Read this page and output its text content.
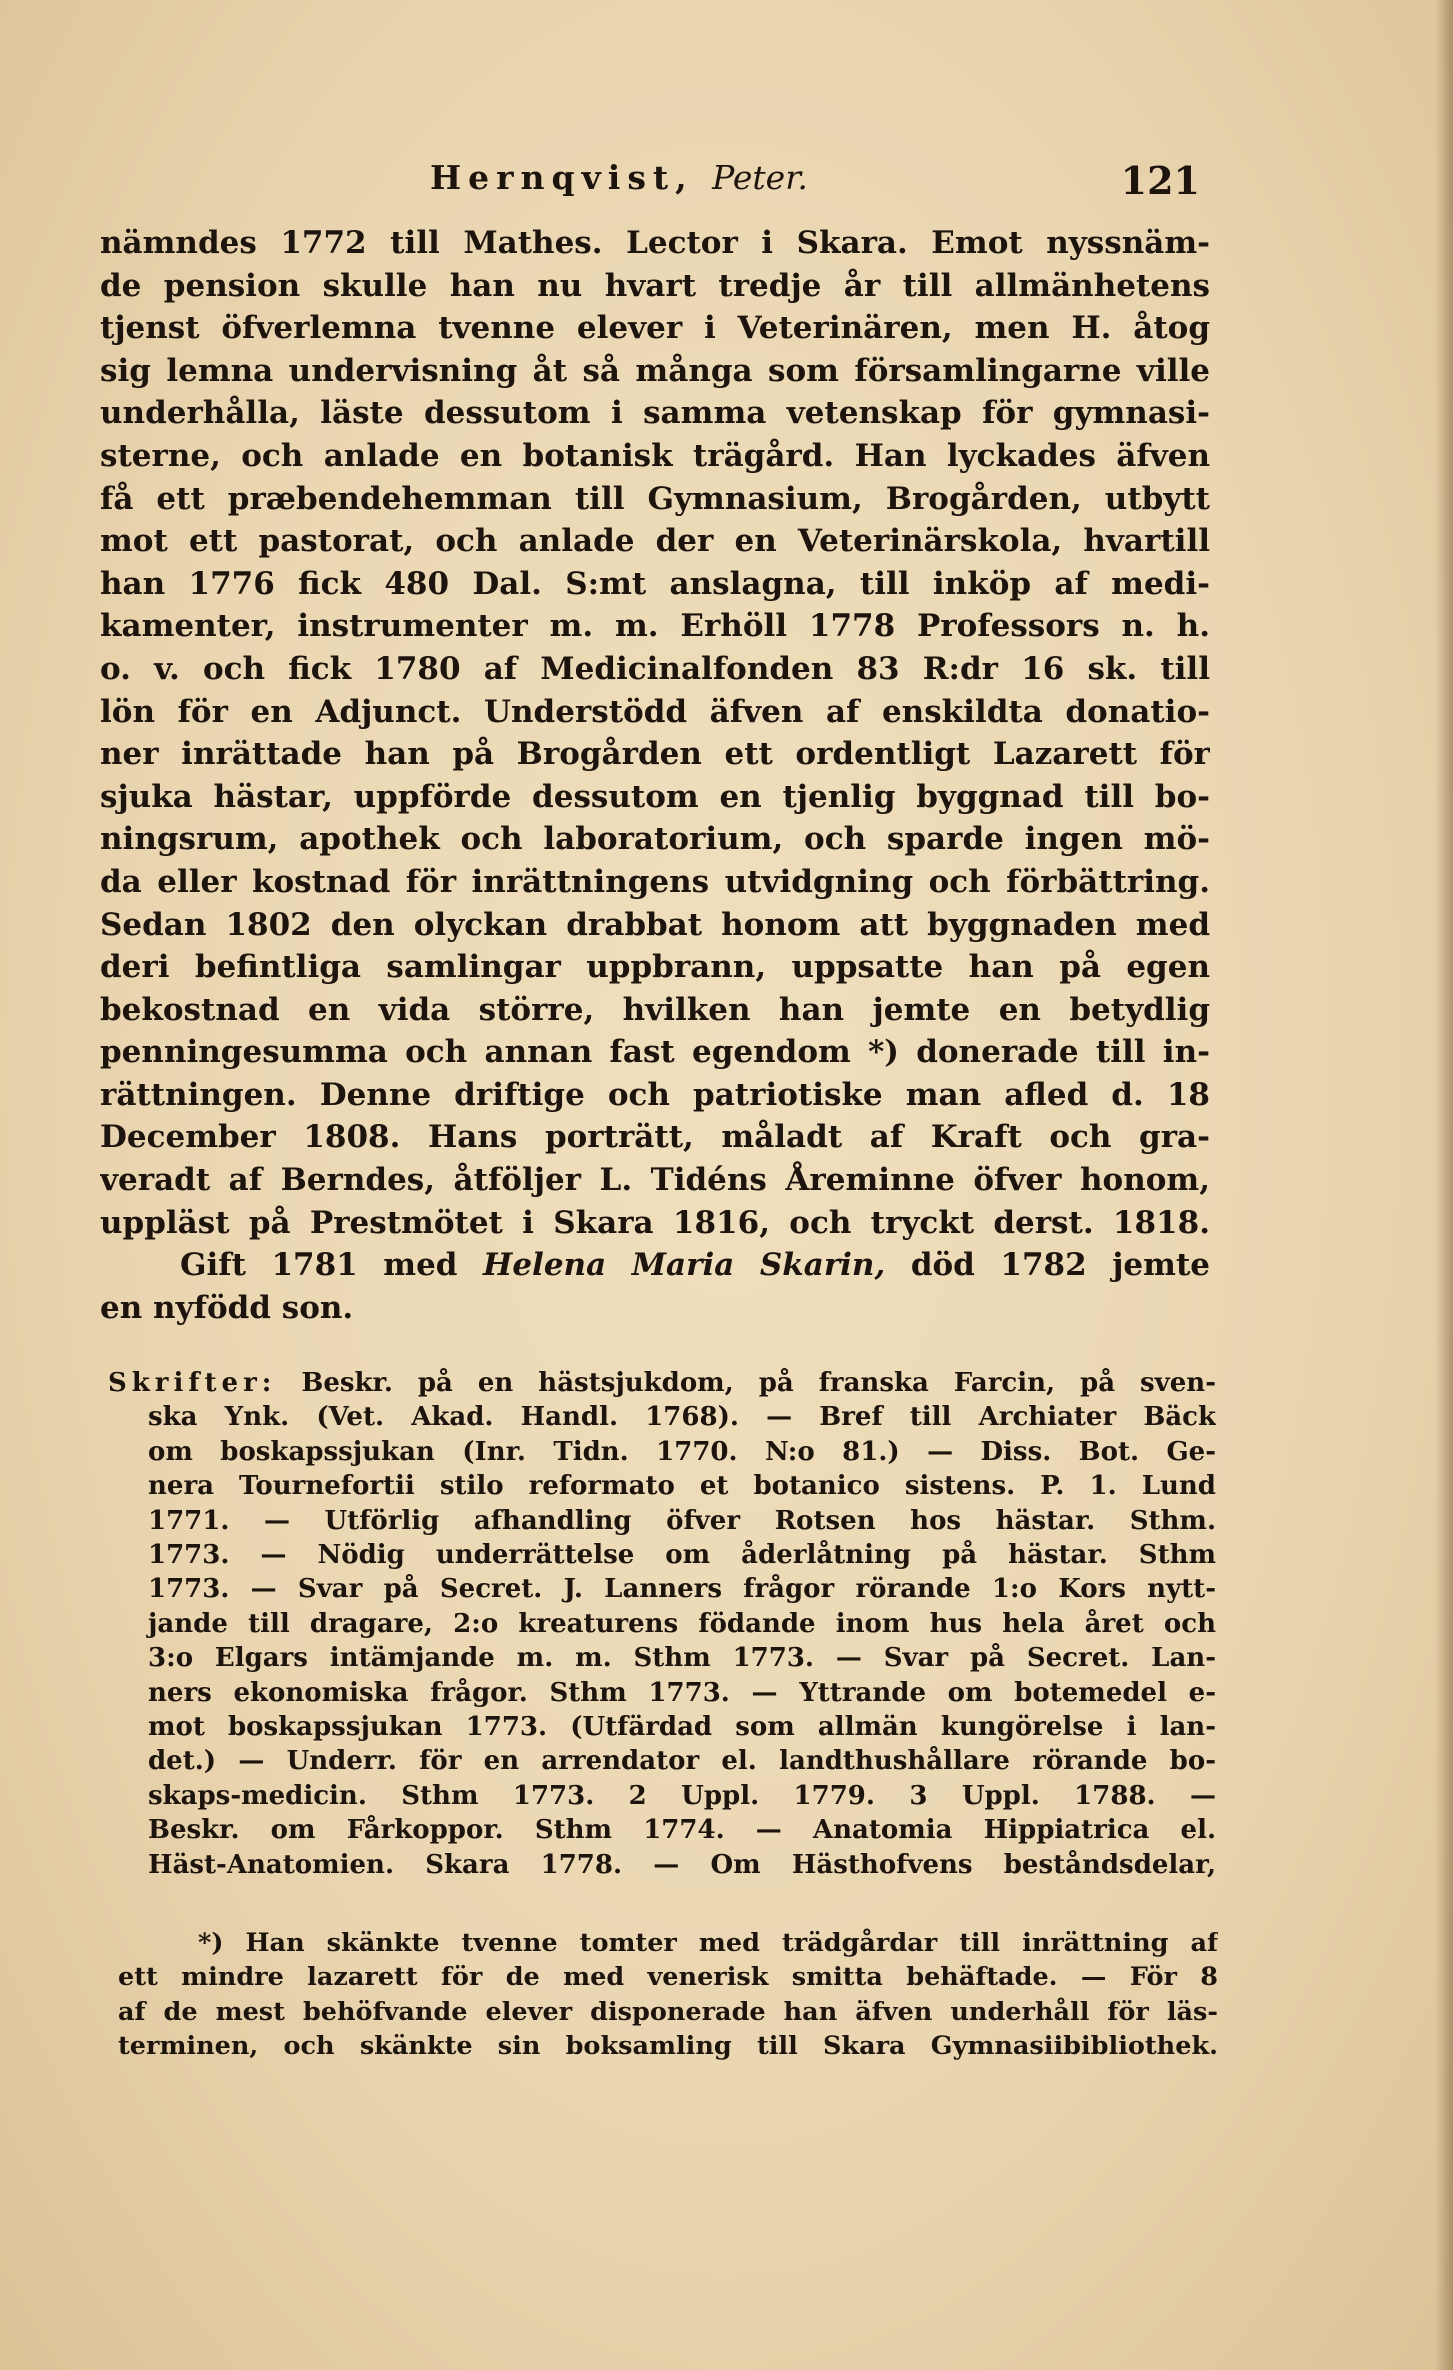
Hernqvist, Peter.	121
nämndes 1772 till Mathes. Lector i Skara. Emot nyssnäm-
de pension skulle han nu hvart tredje år till allmänhetens
tjenst öfverlemna tvenne elever i Veterinären, men H. åtog
sig lemna undervisning åt så många som församlingarne ville
underhålla, läste dessutom i samma vetenskap för gymnasi-
sterne, och anlade en botanisk trägård. Han lyckades äfven
få ett præbendehemman till Gymnasium, Brogården, utbytt
mot ett pastorat, och anlade der en Veterinärskola, hvartill
han 1776 fick 480 Dal. S:mt anslagna, till inköp af medi-
kamenter, instrumenter m. m. Erhöll 1778 Professors n. h.
o. v. och fick 1780 af Medicinalfonden 83 R:dr 16 sk. till
lön för en Adjunct. Understödd äfven af enskildta donatio-
ner inrättade han på Brogården ett ordentligt Lazarett för
sjuka hästar, uppförde dessutom en tjenlig byggnad till bo-
ningsrum, apothek och laboratorium, och sparde ingen mö-
da eller kostnad för inrättningens utvidgning och förbättring.
Sedan 1802 den olyckan drabbat honom att byggnaden med
deri befintliga samlingar uppbrann, uppsatte han på egen
bekostnad en vida större, hvilken han jemte en betydlig
penningesumma och annan fast egendom *) donerade till in-
rättningen. Denne driftige och patriotiske man afled d. 18
December 1808. Hans porträtt, måladt af Kraft och gra-
veradt af Berndes, åtföljer L. Tidéns Åreminne öfver honom,
uppläst på Prestmötet i Skara 1816, och tryckt derst. 1818.
Gift 1781 med Helena Maria Skarin, död 1782 jemte
en nyfödd son.
Skrifter: Beskr. på en hästsjukdom, på franska Farcin, på sven-
ska Ynk. (Vet. Akad. Handl. 1768). — Bref till Archiater Bäck
om boskapssjukan (Inr. Tidn. 1770. N:o 81.) — Diss. Bot. Ge-
nera Tournefortii stilo reformato et botanico sistens. P. 1. Lund
1771. — Utförlig afhandling öfver Rotsen hos hästar. Sthm.
1773. — Nödig underrättelse om åderlåtning på hästar. Sthm
1773. — Svar på Secret. J. Lanners frågor rörande 1:o Kors nytt-
jande till dragare, 2:o kreaturens födande inom hus hela året och
3:o Elgars intämjande m. m. Sthm 1773. — Svar på Secret. Lan-
ners ekonomiska frågor. Sthm 1773. — Yttrande om botemedel e-
mot boskapssjukan 1773. (Utfärdad som allmän kungörelse i lan-
det.) — Underr. för en arrendator el. landthushållare rörande bo-
skaps-medicin. Sthm 1773. 2 Uppl. 1779. 3 Uppl. 1788. —
Beskr. om Fårkoppor. Sthm 1774. — Anatomia Hippiatrica el.
Häst-Anatomien. Skara 1778. — Om Hästhofvens beståndsdelar,
*) Han skänkte tvenne tomter med trädgårdar till inrättning af
ett mindre lazarett för de med venerisk smitta behäftade. — För 8
af de mest behöfvande elever disponerade han äfven underhåll för läs-
terminen, och skänkte sin boksamling till Skara Gymnasiibibliothek.
